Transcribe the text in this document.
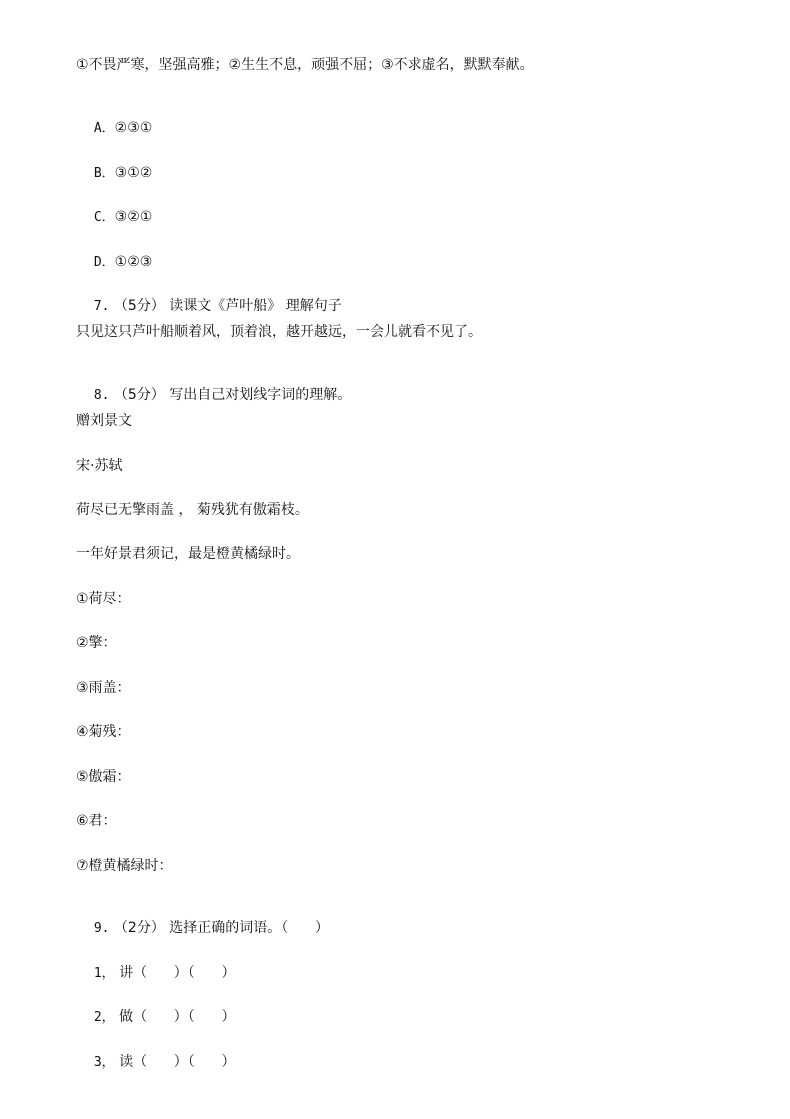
①不畏严寒，坚强高雅；②生生不息，顽强不屈；③不求虚名，默默奉献。

A．②③①

B．③①②

C．③②①

D．①②③

7. （5分） 读课文《芦叶船》 理解句子

只见这只芦叶船顺着风，顶着浪，越开越远，一会儿就看不见了。

8. （5分） 写出自己对划线字词的理解。

赠刘景文
宋·苏轼
荷尽已无擎雨盖 ， 菊残犹有傲霜枝。
一年好景君须记，最是橙黄橘绿时。
①荷尽：
②擎：
③雨盖：
④菊残：
⑤傲霜：
⑥君：
⑦橙黄橘绿时：

9. （2分） 选择正确的词语。（      ）

1， 讲（      ）（      ）

2， 做（      ）（      ）

3， 读（      ）（      ）
